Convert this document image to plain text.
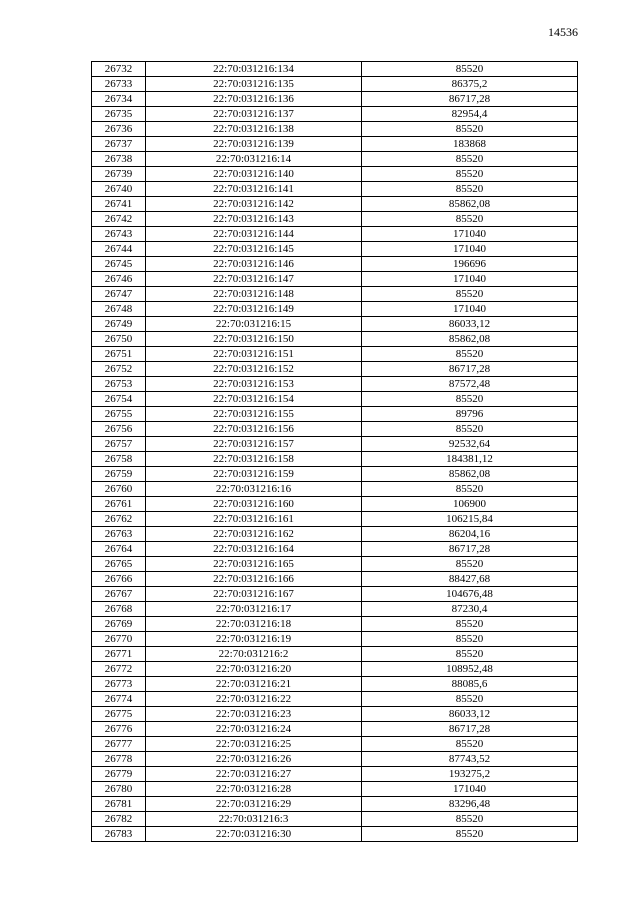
14536
26732	22:70:031216:134	85520
26733	22:70:031216:135	86375,2
26734	22:70:031216:136	86717,28
26735	22:70:031216:137	82954,4
26736	22:70:031216:138	85520
26737	22:70:031216:139	183868
26738	22:70:031216:14	85520
26739	22:70:031216:140	85520
26740	22:70:031216:141	85520
26741	22:70:031216:142	85862,08
26742	22:70:031216:143	85520
26743	22:70:031216:144	171040
26744	22:70:031216:145	171040
26745	22:70:031216:146	196696
26746	22:70:031216:147	171040
26747	22:70:031216:148	85520
26748	22:70:031216:149	171040
26749	22:70:031216:15	86033,12
26750	22:70:031216:150	85862,08
26751	22:70:031216:151	85520
26752	22:70:031216:152	86717,28
26753	22:70:031216:153	87572,48
26754	22:70:031216:154	85520
26755	22:70:031216:155	89796
26756	22:70:031216:156	85520
26757	22:70:031216:157	92532,64
26758	22:70:031216:158	184381,12
26759	22:70:031216:159	85862,08
26760	22:70:031216:16	85520
26761	22:70:031216:160	106900
26762	22:70:031216:161	106215,84
26763	22:70:031216:162	86204,16
26764	22:70:031216:164	86717,28
26765	22:70:031216:165	85520
26766	22:70:031216:166	88427,68
26767	22:70:031216:167	104676,48
26768	22:70:031216:17	87230,4
26769	22:70:031216:18	85520
26770	22:70:031216:19	85520
26771	22:70:031216:2	85520
26772	22:70:031216:20	108952,48
26773	22:70:031216:21	88085,6
26774	22:70:031216:22	85520
26775	22:70:031216:23	86033,12
26776	22:70:031216:24	86717,28
26777	22:70:031216:25	85520
26778	22:70:031216:26	87743,52
26779	22:70:031216:27	193275,2
26780	22:70:031216:28	171040
26781	22:70:031216:29	83296,48
26782	22:70:031216:3	85520
26783	22:70:031216:30	85520
